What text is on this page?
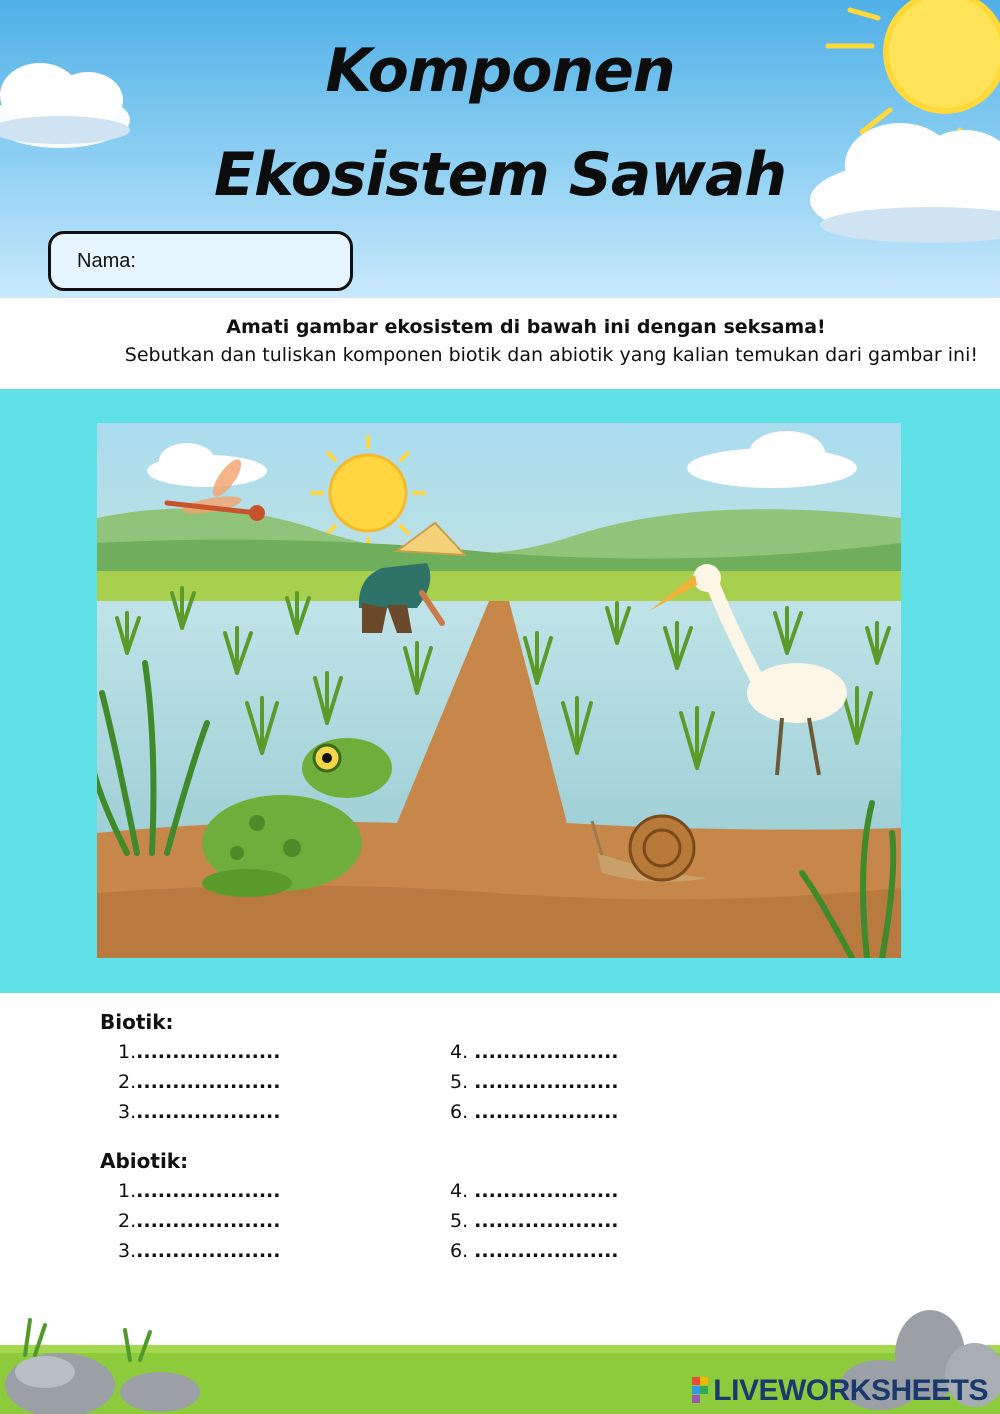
Komponen
Ekosistem Sawah
Nama:
Amati gambar ekosistem di bawah ini dengan seksama!
Sebutkan dan tuliskan komponen biotik dan abiotik yang kalian temukan dari gambar ini!
Biotik:
1.....................
2.....................
3.....................
4. ....................
5. ....................
6. ....................
Abiotik:
1.....................
2.....................
3.....................
4. ....................
5. ....................
6. ....................
LIVEWORKSHEETS
